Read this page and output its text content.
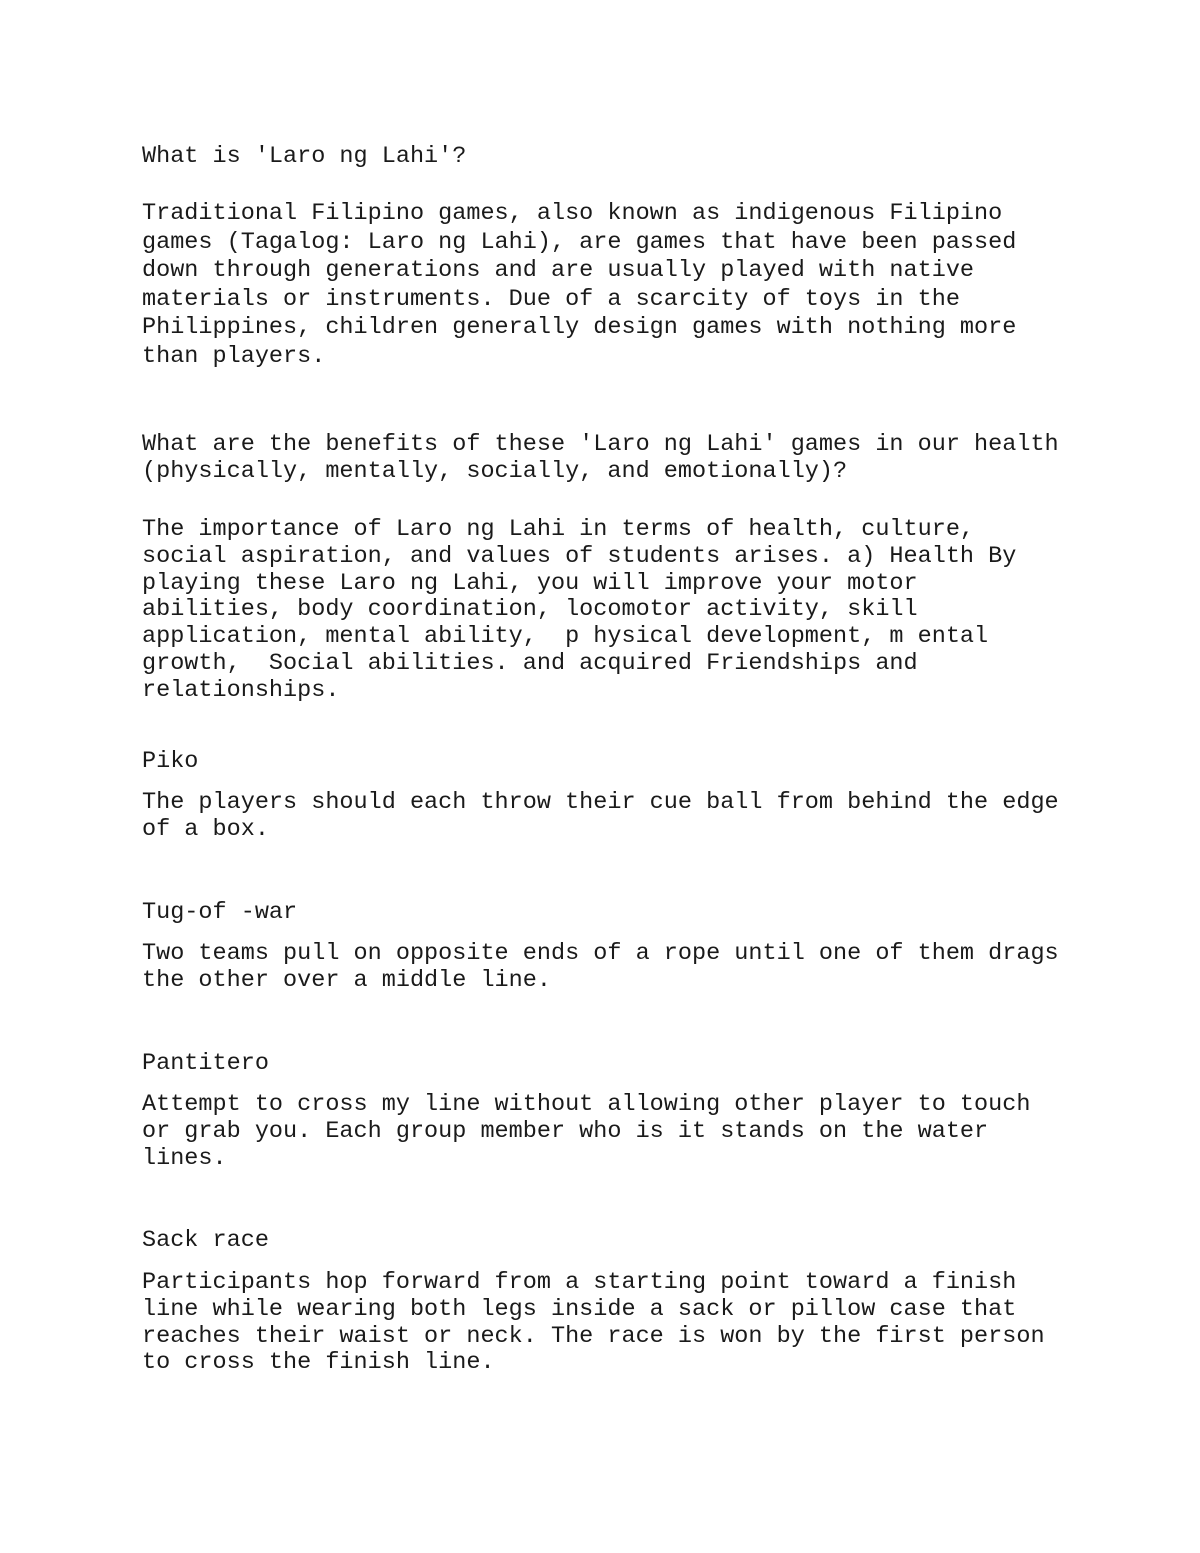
What is 'Laro ng Lahi'?

Traditional Filipino games, also known as indigenous Filipino
games (Tagalog: Laro ng Lahi), are games that have been passed
down through generations and are usually played with native
materials or instruments. Due of a scarcity of toys in the
Philippines, children generally design games with nothing more
than players.

What are the benefits of these 'Laro ng Lahi' games in our health
(physically, mentally, socially, and emotionally)?

The importance of Laro ng Lahi in terms of health, culture,
social aspiration, and values of students arises. a) Health By
playing these Laro ng Lahi, you will improve your motor
abilities, body coordination, locomotor activity, skill
application, mental ability,  p hysical development, m ental
growth,  Social abilities. and acquired Friendships and
relationships.

Piko

The players should each throw their cue ball from behind the edge
of a box.

Tug-of -war

Two teams pull on opposite ends of a rope until one of them drags
the other over a middle line.

Pantitero

Attempt to cross my line without allowing other player to touch
or grab you. Each group member who is it stands on the water
lines.

Sack race

Participants hop forward from a starting point toward a finish
line while wearing both legs inside a sack or pillow case that
reaches their waist or neck. The race is won by the first person
to cross the finish line.
